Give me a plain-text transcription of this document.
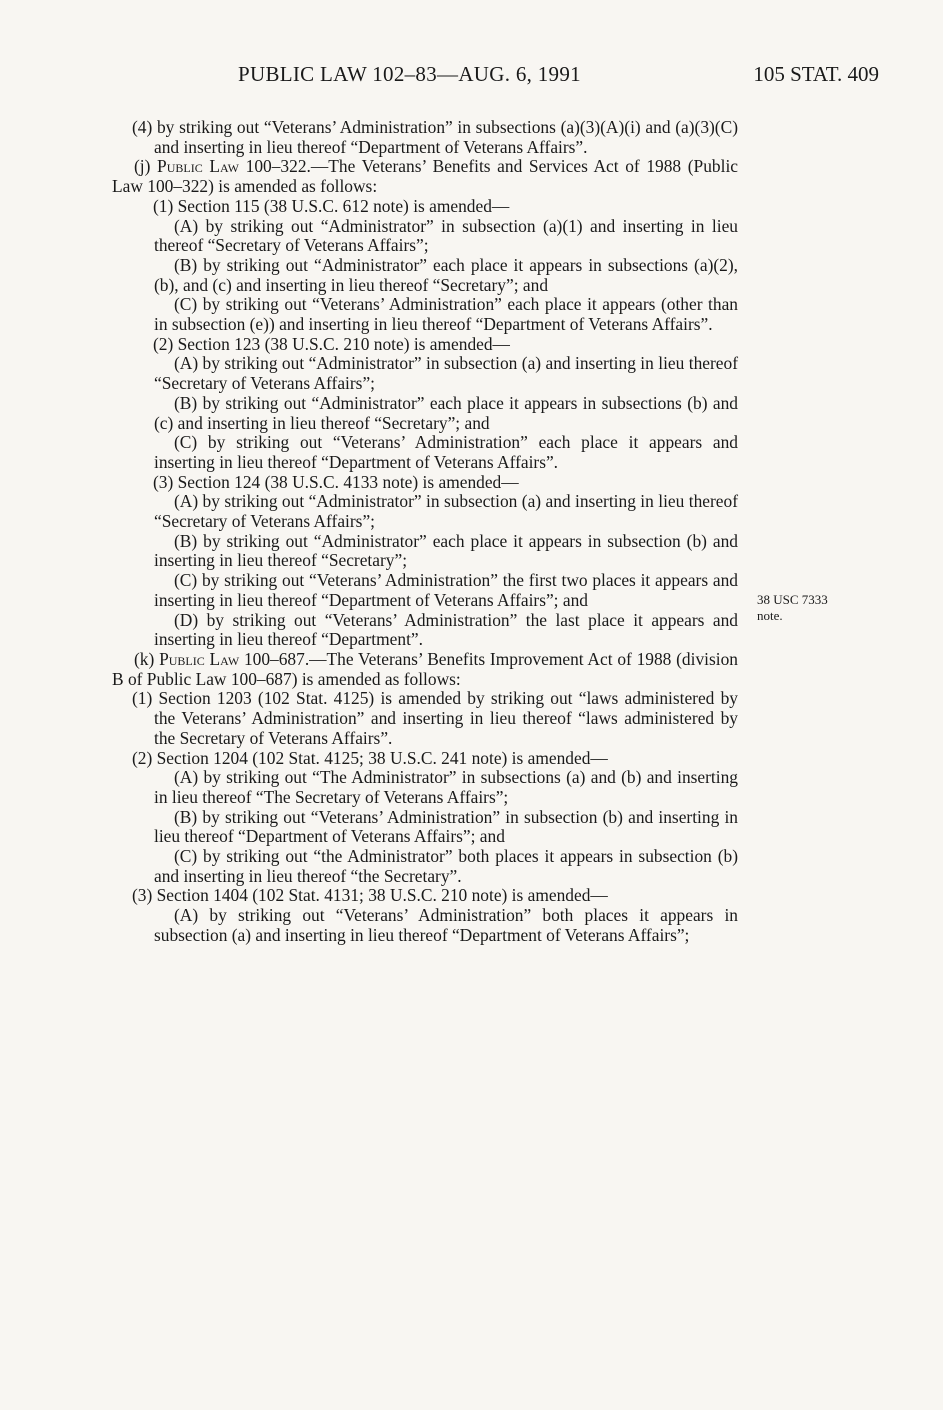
PUBLIC LAW 102–83—AUG. 6, 1991	105 STAT. 409
38 USC 7333
note.

(4) by striking out “Veterans’ Administration” in subsections (a)(3)(A)(i) and (a)(3)(C) and inserting in lieu thereof “Department of Veterans Affairs”.

(j) Public Law 100–322.—The Veterans’ Benefits and Services Act of 1988 (Public Law 100–322) is amended as follows:

(1) Section 115 (38 U.S.C. 612 note) is amended—

(A) by striking out “Administrator” in subsection (a)(1) and inserting in lieu thereof “Secretary of Veterans Affairs”;

(B) by striking out “Administrator” each place it appears in subsections (a)(2), (b), and (c) and inserting in lieu thereof “Secretary”; and

(C) by striking out “Veterans’ Administration” each place it appears (other than in subsection (e)) and inserting in lieu thereof “Department of Veterans Affairs”.

(2) Section 123 (38 U.S.C. 210 note) is amended—

(A) by striking out “Administrator” in subsection (a) and inserting in lieu thereof “Secretary of Veterans Affairs”;

(B) by striking out “Administrator” each place it appears in subsections (b) and (c) and inserting in lieu thereof “Secretary”; and

(C) by striking out “Veterans’ Administration” each place it appears and inserting in lieu thereof “Department of Veterans Affairs”.

(3) Section 124 (38 U.S.C. 4133 note) is amended—

(A) by striking out “Administrator” in subsection (a) and inserting in lieu thereof “Secretary of Veterans Affairs”;

(B) by striking out “Administrator” each place it appears in subsection (b) and inserting in lieu thereof “Secretary”;

(C) by striking out “Veterans’ Administration” the first two places it appears and inserting in lieu thereof “Department of Veterans Affairs”; and

(D) by striking out “Veterans’ Administration” the last place it appears and inserting in lieu thereof “Department”.

(k) Public Law 100–687.—The Veterans’ Benefits Improvement Act of 1988 (division B of Public Law 100–687) is amended as follows:

(1) Section 1203 (102 Stat. 4125) is amended by striking out “laws administered by the Veterans’ Administration” and inserting in lieu thereof “laws administered by the Secretary of Veterans Affairs”.

(2) Section 1204 (102 Stat. 4125; 38 U.S.C. 241 note) is amended—

(A) by striking out “The Administrator” in subsections (a) and (b) and inserting in lieu thereof “The Secretary of Veterans Affairs”;

(B) by striking out “Veterans’ Administration” in subsection (b) and inserting in lieu thereof “Department of Veterans Affairs”; and

(C) by striking out “the Administrator” both places it appears in subsection (b) and inserting in lieu thereof “the Secretary”.

(3) Section 1404 (102 Stat. 4131; 38 U.S.C. 210 note) is amended—

(A) by striking out “Veterans’ Administration” both places it appears in subsection (a) and inserting in lieu thereof “Department of Veterans Affairs”;
